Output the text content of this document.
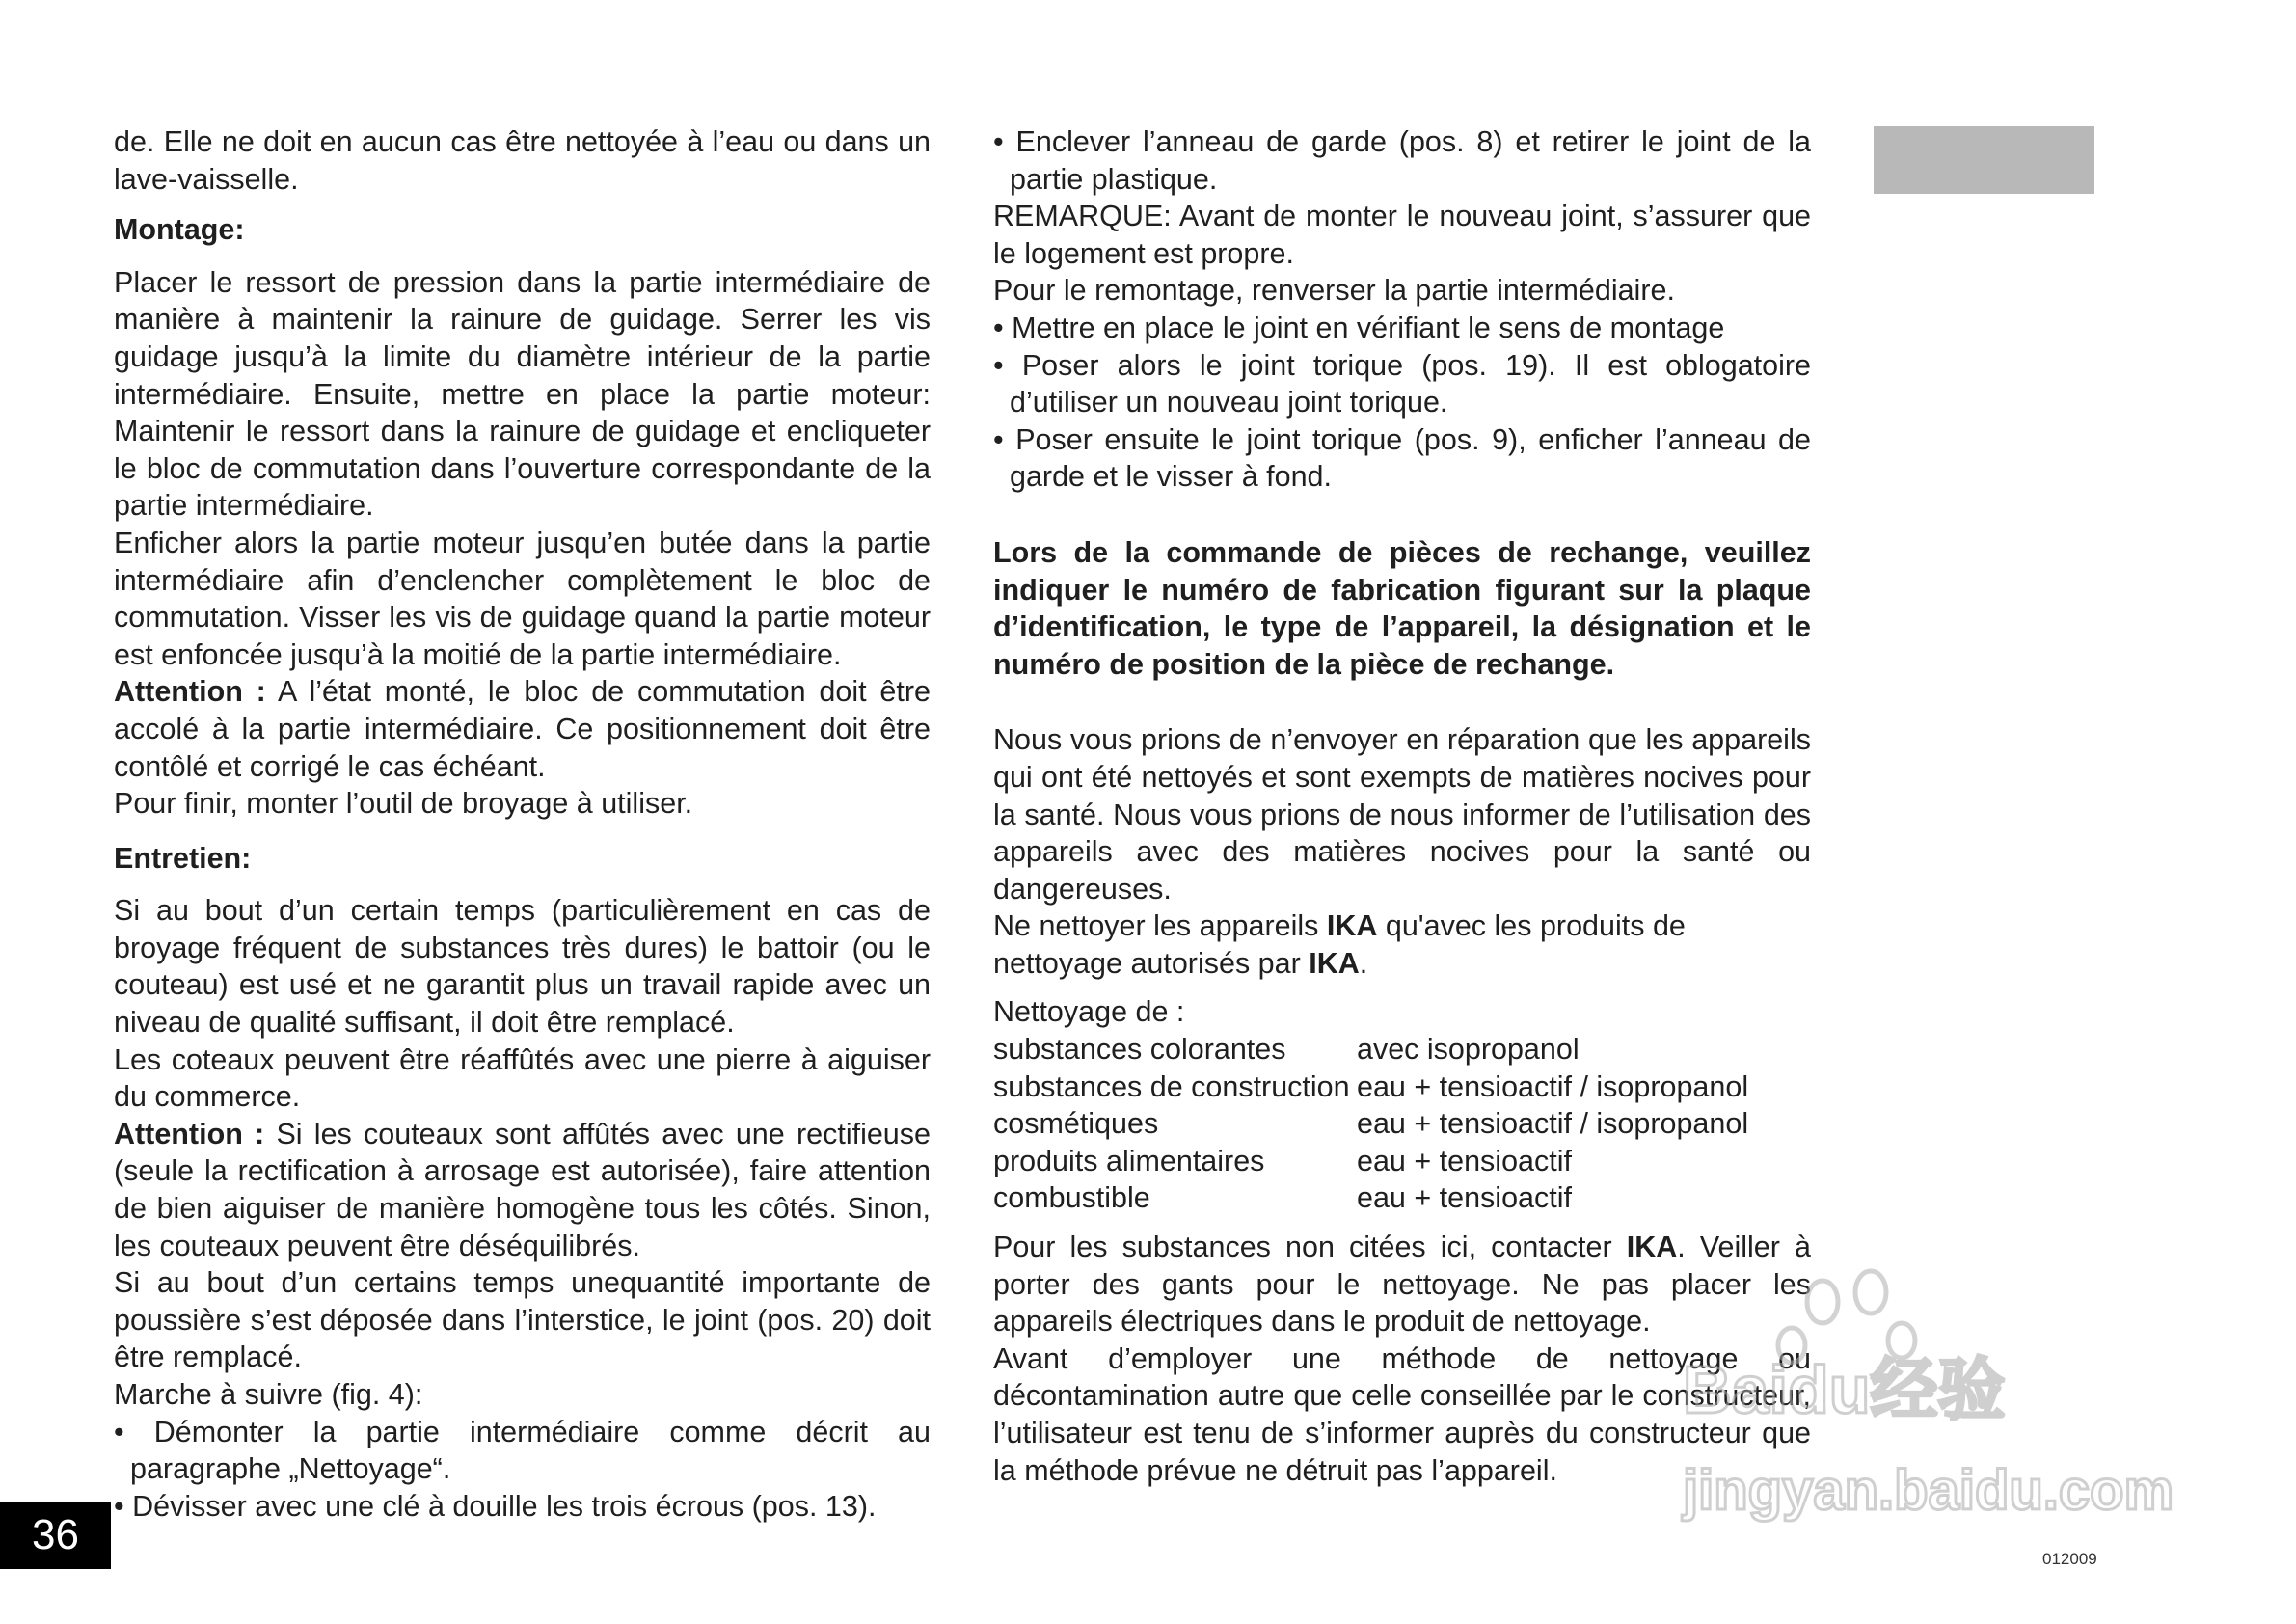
de. Elle ne doit en aucun cas être nettoyée à l’eau ou dans un lave-vaisselle.

Montage:

Placer le ressort de pression dans la partie intermédiaire de manière à maintenir la rainure de guidage. Serrer les vis guidage jusqu’à la limite du diamètre intérieur de la partie intermédiaire. Ensuite, mettre en place la partie moteur: Maintenir le ressort dans la rainure de guidage et encliqueter le bloc de commutation dans l’ouverture correspondante de la partie intermédiaire.

Enficher alors la partie moteur jusqu’en butée dans la partie intermédiaire afin d’enclencher complètement le bloc de commutation. Visser les vis de guidage quand la partie moteur est enfoncée jusqu’à la moitié de la partie intermédiaire.

Attention : A l’état monté, le bloc de commutation doit être accolé à la partie intermédiaire. Ce positionnement doit être contôlé et corrigé le cas échéant.

Pour finir, monter l’outil de broyage à utiliser.

Entretien:

Si au bout d’un certain temps (particulièrement en cas de broyage fréquent de substances très dures) le battoir (ou le couteau) est usé et ne garantit plus un travail rapide avec un niveau de qualité suffisant, il doit être remplacé.

Les coteaux peuvent être réaffûtés avec une pierre à aiguiser du commerce.

Attention : Si les couteaux sont affûtés avec une rectifieuse (seule la rectification à arrosage est autorisée), faire attention de bien aiguiser de manière homogène tous les côtés. Sinon, les couteaux peuvent être déséquilibrés.

Si au bout d’un certains temps unequantité importante de poussière s’est déposée dans l’interstice, le joint (pos. 20) doit être remplacé.

Marche à suivre (fig. 4):

• Démonter la partie intermédiaire comme décrit au paragraphe „Nettoyage“.

• Dévisser avec une clé à douille les trois écrous (pos. 13).

• Enclever l’anneau de garde (pos. 8) et retirer le joint de la partie plastique.

REMARQUE: Avant de monter le nouveau joint, s’assurer que le logement est propre.

Pour le remontage, renverser la partie intermédiaire.

• Mettre en place le joint en vérifiant le sens de montage

• Poser alors le joint torique (pos. 19). Il est oblogatoire d’utiliser un nouveau joint torique.

• Poser ensuite le joint torique (pos. 9), enficher l’anneau de garde et le visser à fond.

Lors de la commande de pièces de rechange, veuillez indiquer le numéro de fabrication figurant sur la plaque d’identification, le type de l’appareil, la désignation et le numéro de position de la pièce de rechange.

Nous vous prions de n’envoyer en réparation que les appareils qui ont été nettoyés et sont exempts de matières nocives pour la santé. Nous vous prions de nous informer de l’utilisation des appareils avec des matières nocives pour la santé ou dangereuses.

Ne nettoyer les appareils IKA qu'avec les produits de nettoyage autorisés par IKA.

Nettoyage de :

substances colorantes	avec isopropanol
substances de construction	eau + tensioactif / isopropanol
cosmétiques	eau + tensioactif / isopropanol
produits alimentaires	eau + tensioactif
combustible	eau + tensioactif

Pour les substances non citées ici, contacter IKA. Veiller à porter des gants pour le nettoyage. Ne pas placer les appareils électriques dans le produit de nettoyage.

Avant d’employer une méthode de nettoyage ou décontamination autre que celle conseillée par le constructeur, l’utilisateur est tenu de s’informer auprès du constructeur que la méthode prévue ne détruit pas l’appareil.

36
012009
Baidu经验
jingyan.baidu.com
